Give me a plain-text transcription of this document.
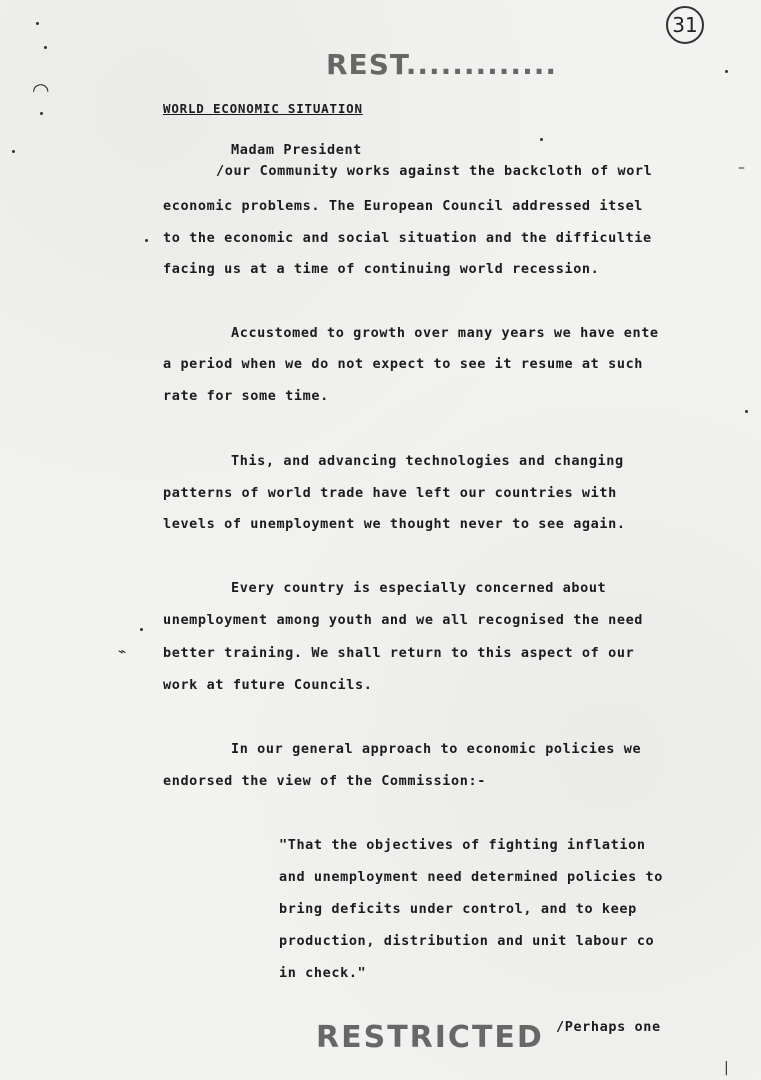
31
REST.............
WORLD ECONOMIC SITUATION
Madam President
/our Community works against the backcloth of worl
economic problems. The European Council addressed itsel
to the economic and social situation and the difficultie
facing us at a time of continuing world recession.
Accustomed to growth over many years we have ente
a period when we do not expect to see it resume at such
rate for some time.
This, and advancing technologies and changing
patterns of world trade have left our countries with
levels of unemployment we thought never to see again.
Every country is especially concerned about
unemployment among youth and we all recognised the need
better training. We shall return to this aspect of our
work at future Councils.
In our general approach to economic policies we
endorsed the view of the Commission:-
"That the objectives of fighting inflation
and unemployment need determined policies to
bring deficits under control, and to keep
production, distribution and unit labour co
in check."
RESTRICTED /Perhaps one
◠
⌁
–
|
